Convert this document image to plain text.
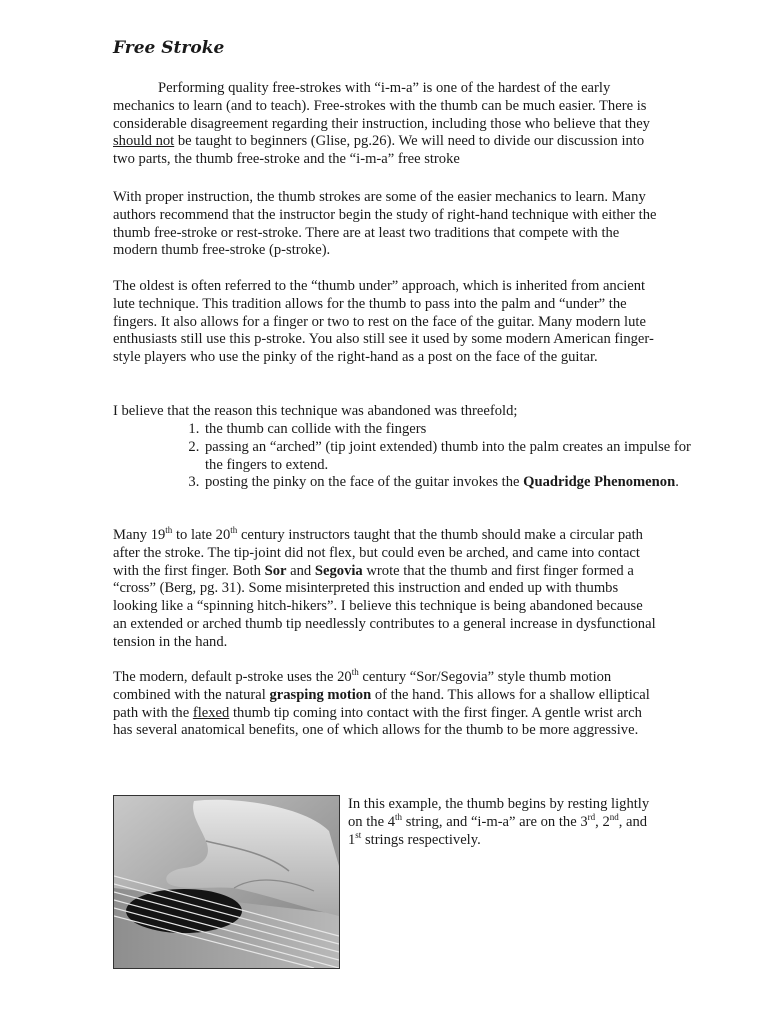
Free Stroke

Performing quality free-strokes with “i-m-a” is one of the hardest of the early mechanics to learn (and to teach). Free-strokes with the thumb can be much easier. There is considerable disagreement regarding their instruction, including those who believe that they should not be taught to beginners (Glise, pg.26). We will need to divide our discussion into two parts, the thumb free-stroke and the “i-m-a” free stroke

With proper instruction, the thumb strokes are some of the easier mechanics to learn. Many authors recommend that the instructor begin the study of right-hand technique with either the thumb free-stroke or rest-stroke. There are at least two traditions that compete with the modern thumb free-stroke (p-stroke).

The oldest is often referred to the “thumb under” approach, which is inherited from ancient lute technique. This tradition allows for the thumb to pass into the palm and “under” the fingers. It also allows for a finger or two to rest on the face of the guitar. Many modern lute enthusiasts still use this p-stroke. You also still see it used by some modern American finger-style players who use the pinky of the right-hand as a post on the face of the guitar.

I believe that the reason this technique was abandoned was threefold;

1. the thumb can collide with the fingers
2. passing an “arched” (tip joint extended) thumb into the palm creates an impulse for the fingers to extend.
3. posting the pinky on the face of the guitar invokes the Quadridge Phenomenon.

Many 19th to late 20th century instructors taught that the thumb should make a circular path after the stroke. The tip-joint did not flex, but could even be arched, and came into contact with the first finger. Both Sor and Segovia wrote that the thumb and first finger formed a “cross” (Berg, pg. 31). Some misinterpreted this instruction and ended up with thumbs looking like a “spinning hitch-hikers”. I believe this technique is being abandoned because an extended or arched thumb tip needlessly contributes to a general increase in dysfunctional tension in the hand.

The modern, default p-stroke uses the 20th century “Sor/Segovia” style thumb motion combined with the natural grasping motion of the hand. This allows for a shallow elliptical path with the flexed thumb tip coming into contact with the first finger. A gentle wrist arch has several anatomical benefits, one of which allows for the thumb to be more aggressive.

In this example, the thumb begins by resting lightly on the 4th string, and “i-m-a” are on the 3rd, 2nd, and 1st strings respectively.
